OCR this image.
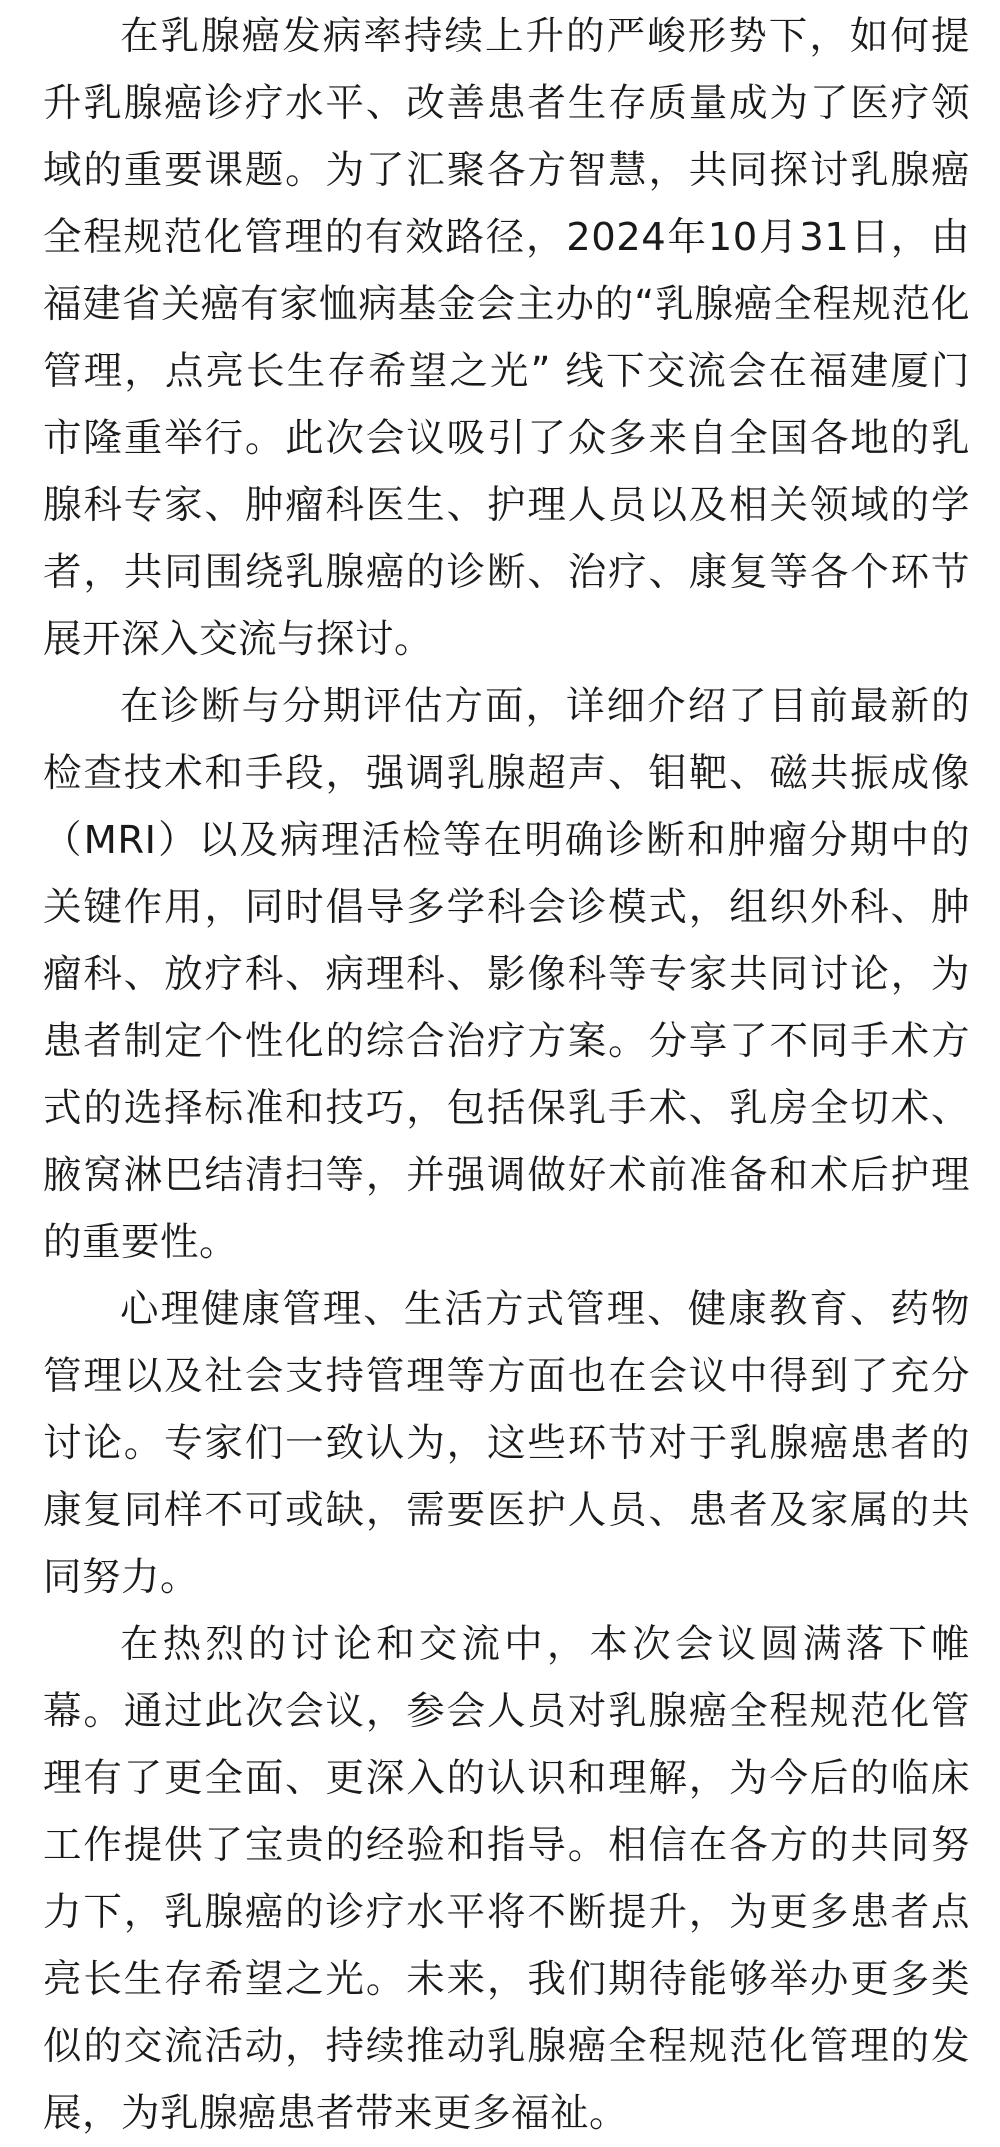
在乳腺癌发病率持续上升的严峻形势下，如何提升乳腺癌诊疗水平、改善患者生存质量成为了医疗领域的重要课题。为了汇聚各方智慧，共同探讨乳腺癌全程规范化管理的有效路径，2024年10月31日，由福建省关癌有家恤病基金会主办的“乳腺癌全程规范化管理，点亮长生存希望之光” 线下交流会在福建厦门市隆重举行。此次会议吸引了众多来自全国各地的乳腺科专家、肿瘤科医生、护理人员以及相关领域的学者，共同围绕乳腺癌的诊断、治疗、康复等各个环节展开深入交流与探讨。

在诊断与分期评估方面，详细介绍了目前最新的检查技术和手段，强调乳腺超声、钼靶、磁共振成像（MRI）以及病理活检等在明确诊断和肿瘤分期中的关键作用，同时倡导多学科会诊模式，组织外科、肿瘤科、放疗科、病理科、影像科等专家共同讨论，为患者制定个性化的综合治疗方案。分享了不同手术方式的选择标准和技巧，包括保乳手术、乳房全切术、腋窝淋巴结清扫等，并强调做好术前准备和术后护理的重要性。

心理健康管理、生活方式管理、健康教育、药物管理以及社会支持管理等方面也在会议中得到了充分讨论。专家们一致认为，这些环节对于乳腺癌患者的康复同样不可或缺，需要医护人员、患者及家属的共同努力。

在热烈的讨论和交流中，本次会议圆满落下帷幕。通过此次会议，参会人员对乳腺癌全程规范化管理有了更全面、更深入的认识和理解，为今后的临床工作提供了宝贵的经验和指导。相信在各方的共同努力下，乳腺癌的诊疗水平将不断提升，为更多患者点亮长生存希望之光。未来，我们期待能够举办更多类似的交流活动，持续推动乳腺癌全程规范化管理的发展，为乳腺癌患者带来更多福祉。
